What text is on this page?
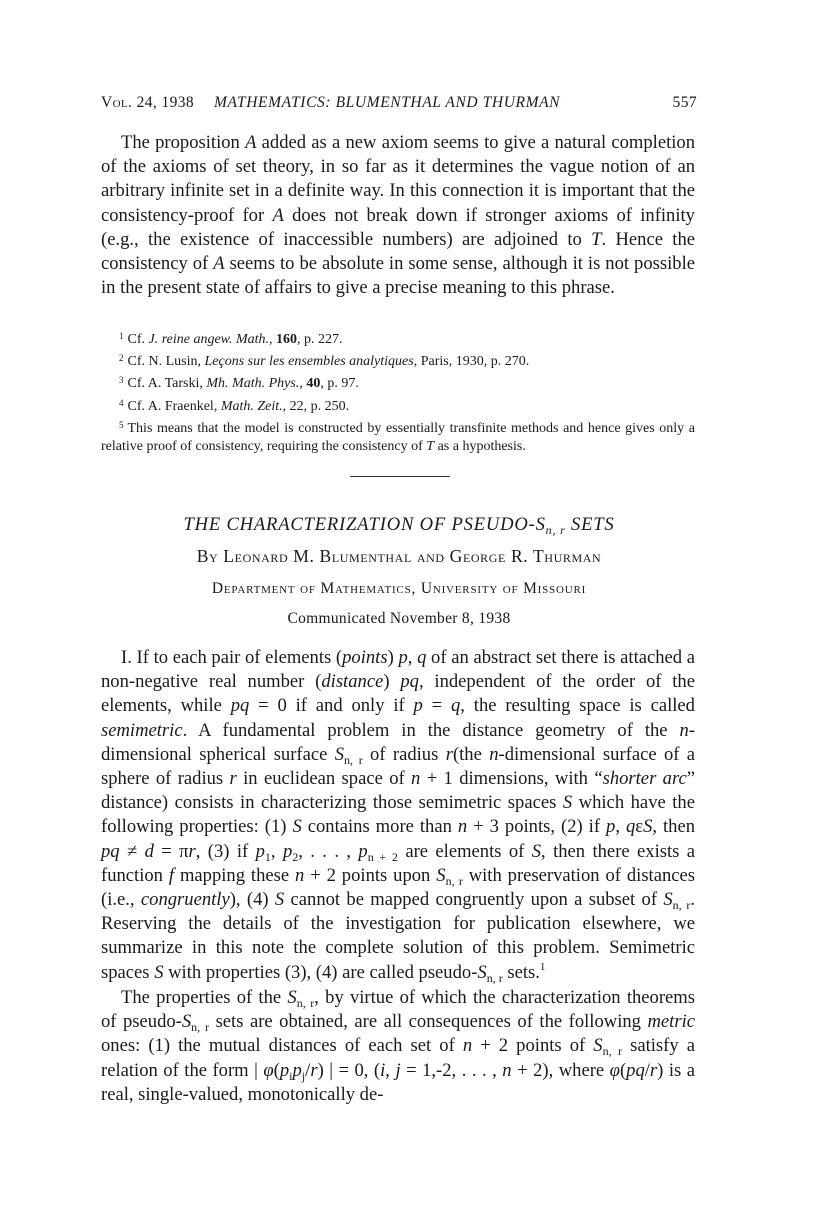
Vol. 24, 1938 MATHEMATICS: BLUMENTHAL AND THURMAN	557

The proposition A added as a new axiom seems to give a natural completion of the axioms of set theory, in so far as it determines the vague notion of an arbitrary infinite set in a definite way. In this connection it is important that the consistency-proof for A does not break down if stronger axioms of infinity (e.g., the existence of inaccessible numbers) are adjoined to T. Hence the consistency of A seems to be absolute in some sense, although it is not possible in the present state of affairs to give a precise meaning to this phrase.

$^1$ Cf. J. reine angew. Math., 160, p. 227.

$^2$ Cf. N. Lusin, Leçons sur les ensembles analytiques, Paris, 1930, p. 270.

$^3$ Cf. A. Tarski, Mh. Math. Phys., 40, p. 97.

$^4$ Cf. A. Fraenkel, Math. Zeit., 22, p. 250.

$^5$ This means that the model is constructed by essentially transfinite methods and hence gives only a relative proof of consistency, requiring the consistency of T as a hypothesis.

THE CHARACTERIZATION OF PSEUDO-$S_{n, r}$ SETS
By Leonard M. Blumenthal and George R. Thurman
Department of Mathematics, University of Missouri
Communicated November 8, 1938

I. If to each pair of elements (points) p, q of an abstract set there is attached a non-negative real number (distance) pq, independent of the order of the elements, while pq = 0 if and only if p = q, the resulting space is called semimetric. A fundamental problem in the distance geometry of the n-dimensional spherical surface $S_{n, r}$ of radius r(the n-dimensional surface of a sphere of radius r in euclidean space of n + 1 dimensions, with “shorter arc” distance) consists in characterizing those semimetric spaces S which have the following properties: (1) S contains more than n + 3 points, (2) if p, qεS, then pq ≠ d = πr, (3) if $p_1$, $p_2$, . . . , $p_{n + 2}$ are elements of S, then there exists a function f mapping these n + 2 points upon $S_{n, r}$ with preservation of distances (i.e., congruently), (4) S cannot be mapped congruently upon a subset of $S_{n, r}$. Reserving the details of the investigation for publication elsewhere, we summarize in this note the complete solution of this problem. Semimetric spaces S with properties (3), (4) are called pseudo-$S_{n, r}$ sets.$^1$

The properties of the $S_{n, r}$, by virtue of which the characterization theorems of pseudo-$S_{n, r}$ sets are obtained, are all consequences of the following metric ones: (1) the mutual distances of each set of n + 2 points of $S_{n, r}$ satisfy a relation of the form | $\varphi(p_ip_j/r)$ | = 0, (i, j = 1,-2, . . . , n + 2), where φ(pq/r) is a real, single-valued, monotonically de-
